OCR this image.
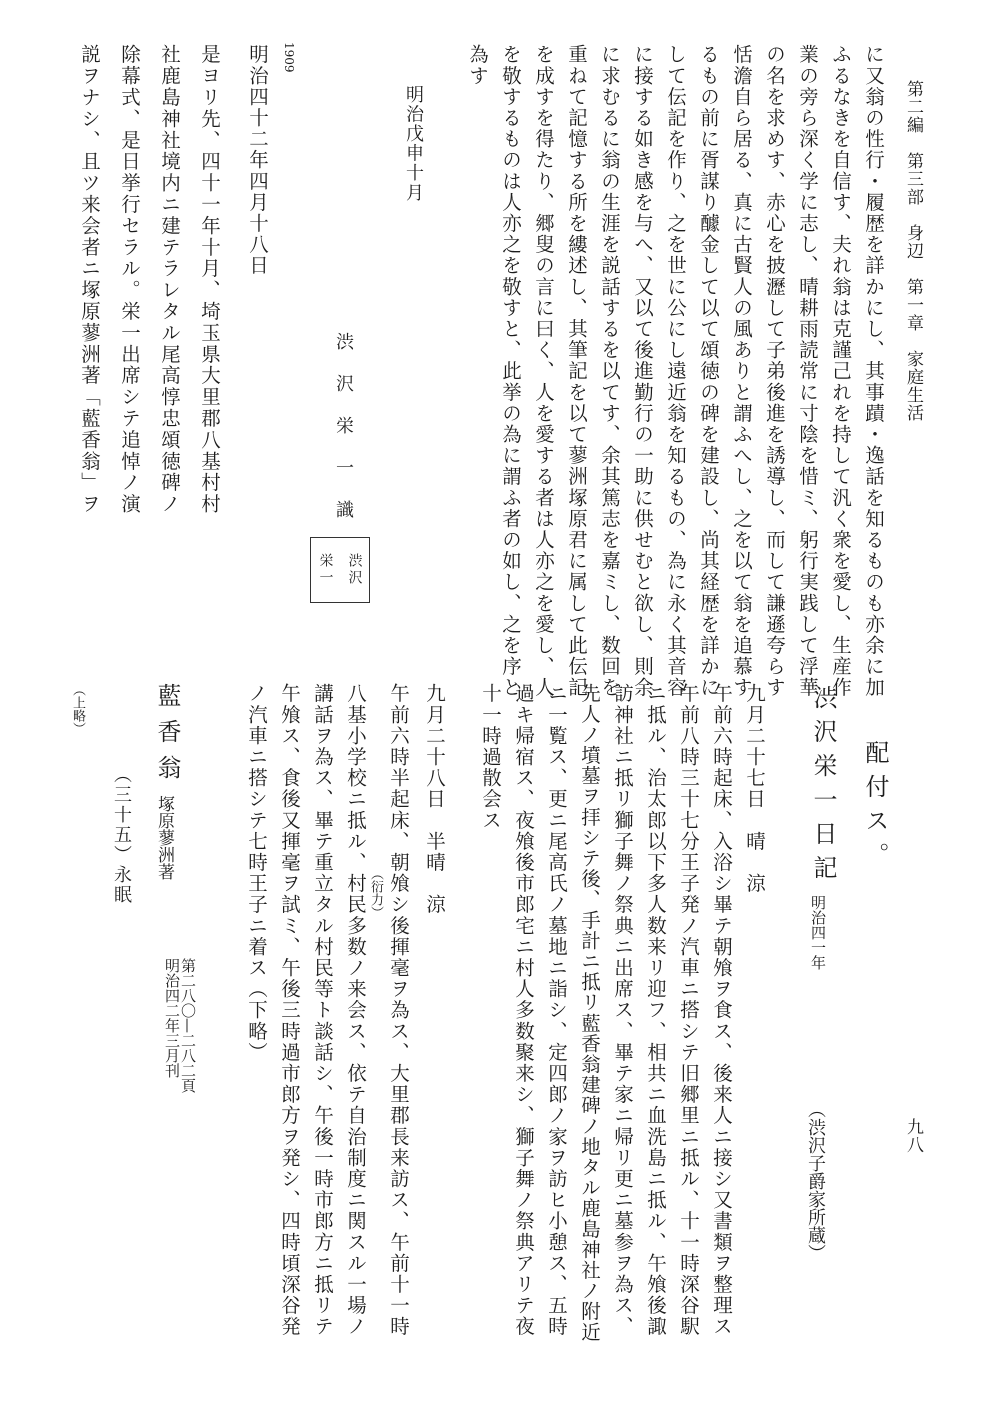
第二編　第三部　身辺　第一章　家庭生活
九八
に又翁の性行・履歴を詳かにし、其事蹟・逸話を知るものも亦余に加
ふるなきを自信す、夫れ翁は克謹己れを持して汎く衆を愛し、生産作
業の旁ら深く学に志し、晴耕雨読常に寸陰を惜ミ、躬行実践して浮華
の名を求めす、赤心を披瀝して子弟後進を誘導し、而して謙遜夸らす
恬澹自ら居る、真に古賢人の風ありと謂ふへし、之を以て翁を追慕す
るもの前に胥謀り醵金して以て頌徳の碑を建設し、尚其経歴を詳かに
して伝記を作り、之を世に公にし遠近翁を知るもの、為に永く其音容
に接する如き感を与へ、又以て後進勤行の一助に供せむと欲し、則余
に求むるに翁の生涯を説話するを以てす、余其篤志を嘉ミし、数回を
重ねて記憶する所を縷述し、其筆記を以て蓼洲塚原君に属して此伝記
を成すを得たり、郷叟の言に曰く、人を愛する者は人亦之を愛し、人
を敬するものは人亦之を敬すと、此挙の為に謂ふ者の如し、之を序と
為す
明治戊申十月
渋　沢　栄　一　識
渋沢
栄一
1909
明治四十二年四月十八日
是ヨリ先、四十一年十月、埼玉県大里郡八基村村
社鹿島神社境内ニ建テラレタル尾高惇忠頌徳碑ノ
除幕式、是日挙行セラル。栄一出席シテ追悼ノ演
説ヲナシ、且ツ来会者ニ塚原蓼洲著「藍香翁」ヲ
配付ス。
渋沢栄一日記
明治四一年
（渋沢子爵家所蔵）
九月二十七日　晴　涼
午前六時起床、入浴シ畢テ朝飧ヲ食ス、後来人ニ接シ又書類ヲ整理ス
午前八時三十七分王子発ノ汽車ニ搭シテ旧郷里ニ抵ル、十一時深谷駅
ニ抵ル、治太郎以下多人数来リ迎フ、相共ニ血洗島ニ抵ル、午飧後諏
訪神社ニ抵リ獅子舞ノ祭典ニ出席ス、畢テ家ニ帰リ更ニ墓参ヲ為ス、
先人ノ墳墓ヲ拝シテ後、手計ニ抵リ藍香翁建碑ノ地タル鹿島神社ノ附近
ニ一覧ス、更ニ尾高氏ノ墓地ニ詣シ、定四郎ノ家ヲ訪ヒ小憩ス、五時
過キ帰宿ス、夜飧後市郎宅ニ村人多数聚来シ、獅子舞ノ祭典アリテ夜
十一時過散会ス
九月二十八日　半晴　涼
午前六時半起床、朝飧シ後揮毫ヲ為ス、大里郡長来訪ス、午前十一時
（衍力）
八基小学校ニ抵ル、村民多数ノ来会ス、依テ自治制度ニ関スル一場ノ
講話ヲ為ス、畢テ重立タル村民等ト談話シ、午後一時市郎方ニ抵リテ
午飧ス、食後又揮毫ヲ試ミ、午後三時過市郎方ヲ発シ、四時頃深谷発
ノ汽車ニ搭シテ七時王子ニ着ス（下略）
第二八〇—二八二頁
明治四二年三月刊
藍香翁
塚原蓼洲著
（三十五）永眠
（上略）
